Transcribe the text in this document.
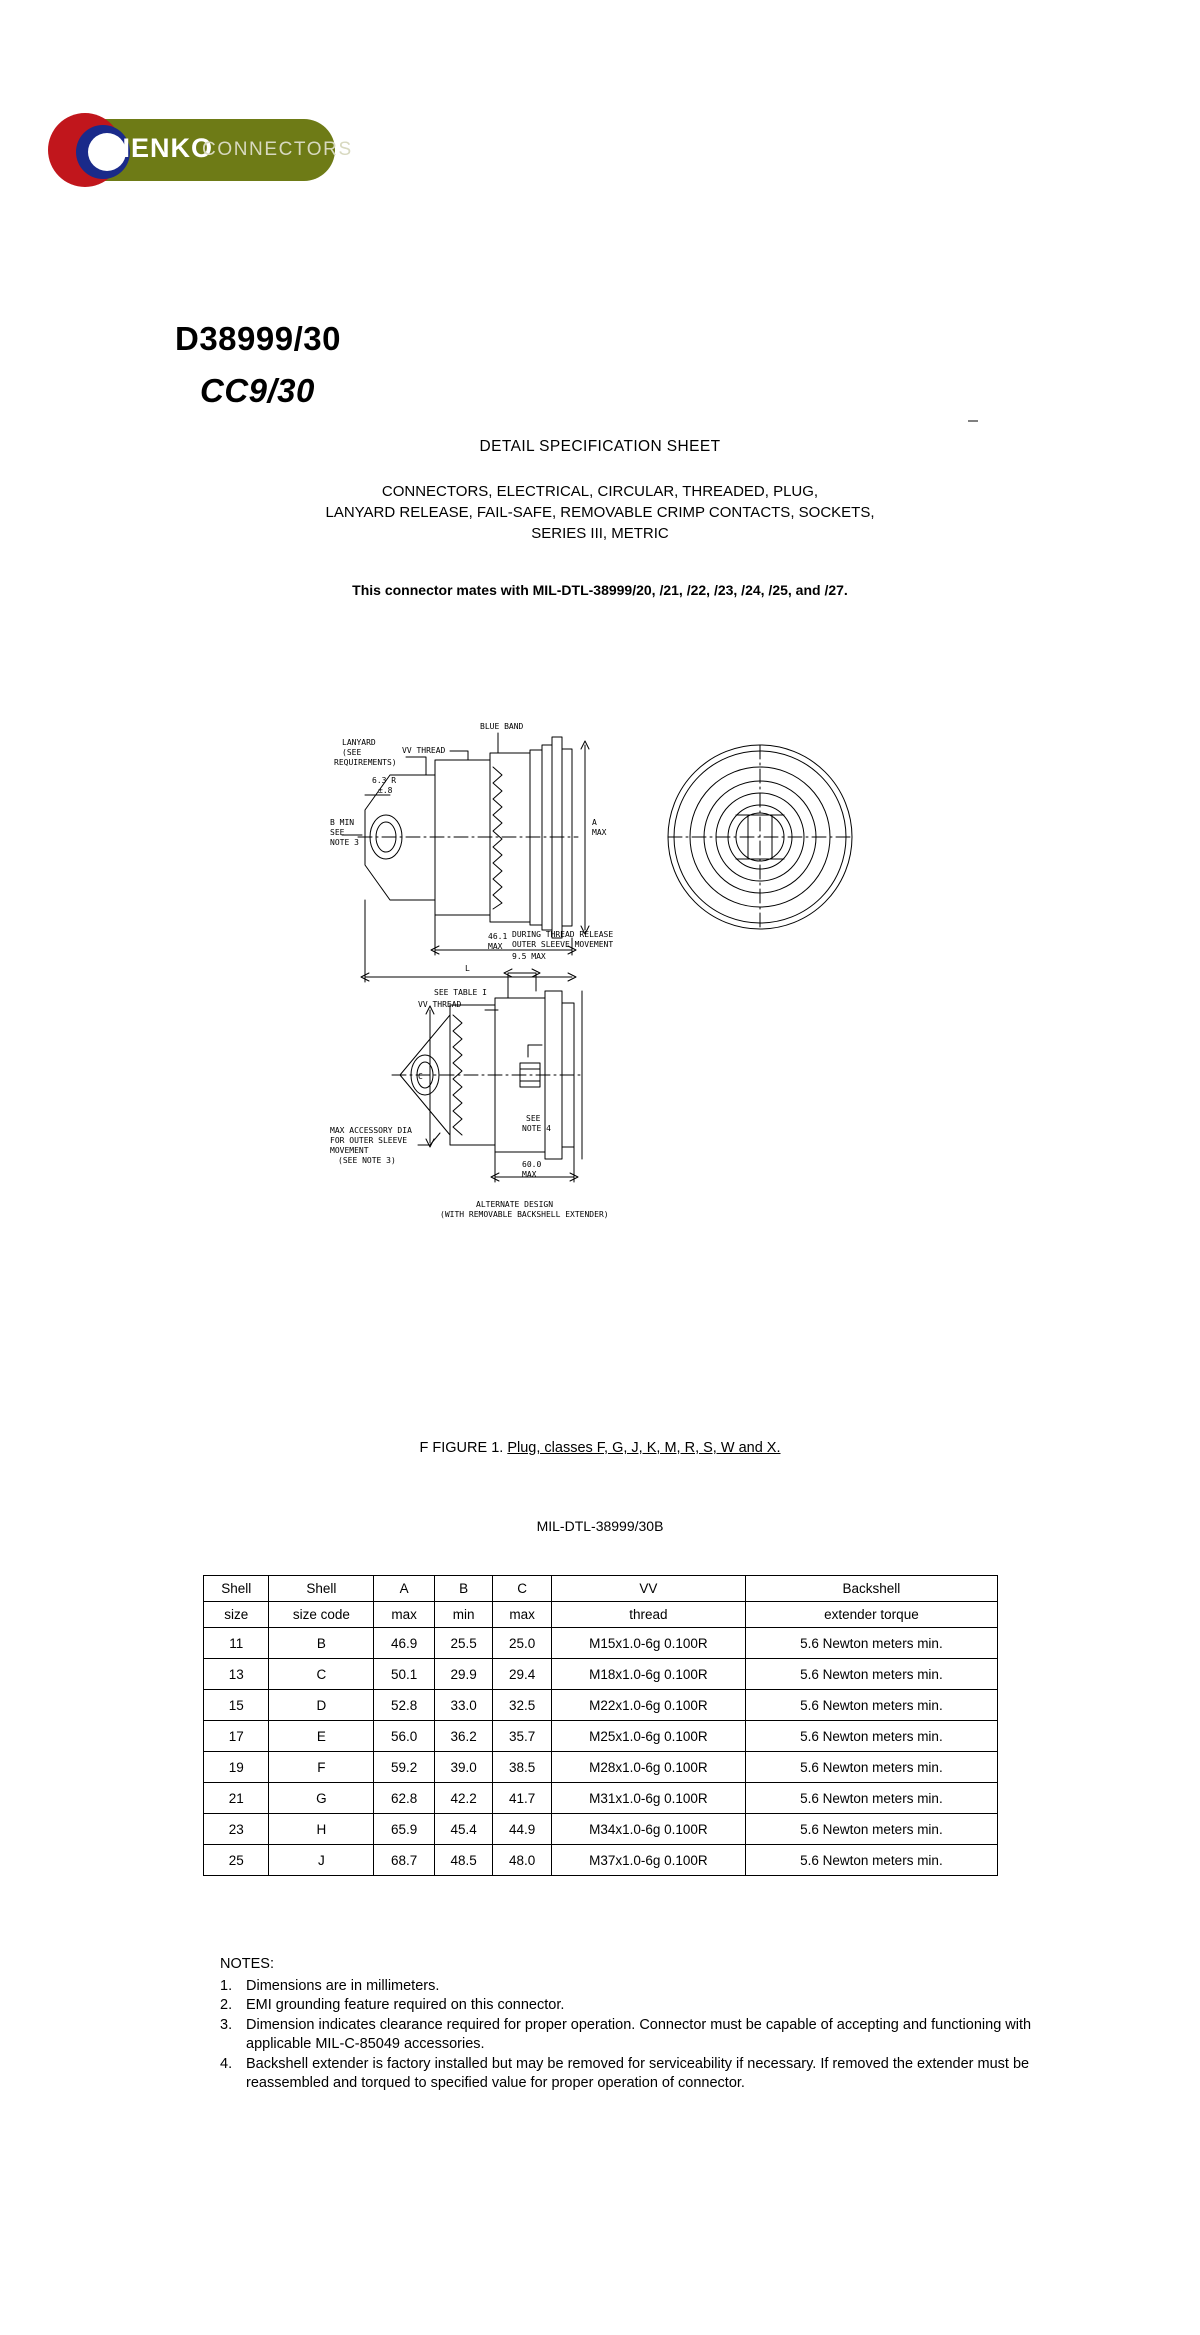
CHENKO
CONNECTORS
D38999/30
CC9/30
DETAIL SPECIFICATION SHEET
CONNECTORS, ELECTRICAL, CIRCULAR, THREADED, PLUG,
LANYARD RELEASE, FAIL-SAFE, REMOVABLE CRIMP CONTACTS, SOCKETS,
SERIES III, METRIC
This connector mates with MIL-DTL-38999/20, /21, /22, /23, /24, /25, and /27.
BLUE BAND
VV THREAD
LANYARD
(SEE
REQUIREMENTS)
6.3 R
±.8
B MIN
SEE
NOTE 3
A
MAX
46.1
MAX
L
SEE TABLE I
9.5 MAX
OUTER SLEEVE MOVEMENT
DURING THREAD RELEASE
VV THREAD
C
MAX ACCESSORY DIA
FOR OUTER SLEEVE
MOVEMENT
(SEE NOTE 3)
SEE
NOTE 4
60.0
MAX
ALTERNATE DESIGN
(WITH REMOVABLE BACKSHELL EXTENDER)
F FIGURE 1. Plug, classes F, G, J, K, M, R, S, W and X.
MIL-DTL-38999/30B
Shell	Shell	A	B	C	VV	Backshell
size	size code	max	min	max	thread	extender torque
11	B	46.9	25.5	25.0	M15x1.0-6g 0.100R	5.6 Newton meters min.
13	C	50.1	29.9	29.4	M18x1.0-6g 0.100R	5.6 Newton meters min.
15	D	52.8	33.0	32.5	M22x1.0-6g 0.100R	5.6 Newton meters min.
17	E	56.0	36.2	35.7	M25x1.0-6g 0.100R	5.6 Newton meters min.
19	F	59.2	39.0	38.5	M28x1.0-6g 0.100R	5.6 Newton meters min.
21	G	62.8	42.2	41.7	M31x1.0-6g 0.100R	5.6 Newton meters min.
23	H	65.9	45.4	44.9	M34x1.0-6g 0.100R	5.6 Newton meters min.
25	J	68.7	48.5	48.0	M37x1.0-6g 0.100R	5.6 Newton meters min.
NOTES:
1. Dimensions are in millimeters.
2. EMI grounding feature required on this connector.
3. Dimension indicates clearance required for proper operation. Connector must be capable of accepting and functioning with applicable MIL-C-85049 accessories.
4. Backshell extender is factory installed but may be removed for serviceability if necessary. If removed the extender must be reassembled and torqued to specified value for proper operation of connector.
